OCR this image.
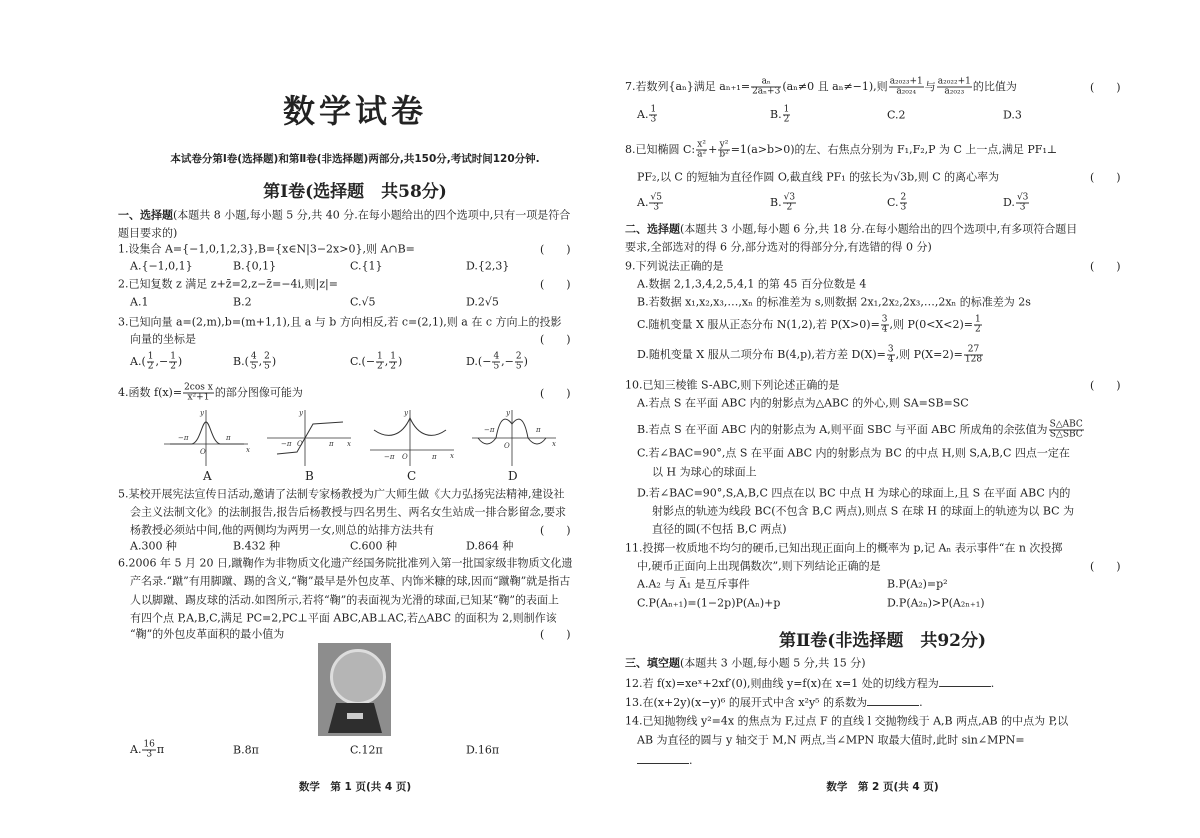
数学试卷
本试卷分第Ⅰ卷(选择题)和第Ⅱ卷(非选择题)两部分,共150分,考试时间120分钟.
第Ⅰ卷(选择题　共58分)
第Ⅱ卷(非选择题　共92分)
一、选择题(本题共 8 小题,每小题 5 分,共 40 分.在每小题给出的四个选项中,只有一项是符合
题目要求的)
1.设集合 A={−1,0,1,2,3},B={x∈N|3−2x>0},则 A∩B=	(　　)
A.{−1,0,1}	B.{0,1}	C.{1}	D.{2,3}
2.已知复数 z 满足 z+z̄=2,z−z̄=−4i,则|z|=	(　　)
A.1	B.2	C.√5	D.2√5
3.已知向量 a=(2,m),b=(m+1,1),且 a 与 b 方向相反,若 c=(2,1),则 a 在 c 方向上的投影
向量的坐标是	(　　)
$A.( \frac{1}{2}$ ,− $\frac{1}{2}$ )	$B.( \frac{4}{5}$ , $\frac{2}{5}$ )	$C.(- \frac{1}{2}$ , $\frac{1}{2}$ )	$D.(- \frac{4}{5}$ ,− $\frac{2}{5}$ )
4.函数 $f(x)= \frac{\text{2cos x}}{\text{x²+1}}$ 的部分图像可能为	(　　)
5.某校开展宪法宣传日活动,邀请了法制专家杨教授为广大师生做《大力弘扬宪法精神,建设社
会主义法制文化》的法制报告,报告后杨教授与四名男生、两名女生站成一排合影留念,要求
杨教授必须站中间,他的两侧均为两男一女,则总的站排方法共有	(　　)
A.300 种	B.432 种	C.600 种	D.864 种
6.2006 年 5 月 20 日,蹴鞠作为非物质文化遗产经国务院批准列入第一批国家级非物质文化遗
产名录.“蹴”有用脚蹴、踢的含义,“鞠”最早是外包皮革、内饰米糠的球,因而“蹴鞠”就是指古
人以脚蹴、踢皮球的活动.如图所示,若将“鞠”的表面视为光滑的球面,已知某“鞠”的表面上
有四个点 P,A,B,C,满足 PC=2,PC⊥平面 ABC,AB⊥AC,若△ABC 的面积为 2,则制作该
“鞠”的外包皮革面积的最小值为	(　　)
A. $\frac{16}{3}$ π	B.8π	C.12π	D.16π
7.若数列{aₙ}满足 $a_{n+1}= \frac{\text{aₙ}}{\text{2aₙ+3}} (a_n\ne 0$ 且 aₙ≠−1),则 $\frac{\text{a₂₀₂₃+1}}{\text{a₂₀₂₄}}$ 与 $\frac{\text{a₂₀₂₂+1}}{\text{a₂₀₂₃}}$ 的比值为	(　　)
A. $\frac{1}{3}$	B. $\frac{1}{2}$	C.2	D.3
8.已知椭圆 C: $\frac{\text{x²}}{\text{a²}} + \frac{\text{y²}}{\text{b²}} =1(a>b>0)$的左、右焦点分别为 F₁,F₂,P 为 C 上一点,满足 PF₁⊥
PF₂,以 C 的短轴为直径作圆 O,截直线 PF₁ 的弦长为√3b,则 C 的离心率为	(　　)
A. $\frac{√5}{3}$	B. $\frac{√3}{2}$	C. $\frac{2}{3}$	D. $\frac{√3}{3}$
二、选择题(本题共 3 小题,每小题 6 分,共 18 分.在每小题给出的四个选项中,有多项符合题目
要求,全部选对的得 6 分,部分选对的得部分分,有选错的得 0 分)
9.下列说法正确的是	(　　)
A.数据 2,1,3,4,2,5,4,1 的第 45 百分位数是 4
B.若数据 x₁,x₂,x₃,…,xₙ 的标准差为 s,则数据 2x₁,2x₂,2x₃,…,2xₙ 的标准差为 2s
C.随机变量 X 服从正态分布 N(1,2),若 $P(X>0)= \frac{3}{4}$ ,则 $P(0<X<2)= \frac{1}{2}$
D.随机变量 X 服从二项分布 B(4,p),若方差 $D(X)= \frac{3}{4}$ ,则 $P(X=2)= \frac{27}{128}$
10.已知三棱锥 S-ABC,则下列论述正确的是	(　　)
A.若点 S 在平面 ABC 内的射影点为△ABC 的外心,则 SA=SB=SC
B.若点 S 在平面 ABC 内的射影点为 A,则平面 SBC 与平面 ABC 所成角的余弦值为 $\frac{\text{S△ABC}}{\text{S△SBC}}$
C.若∠BAC=90°,点 S 在平面 ABC 内的射影点为 BC 的中点 H,则 S,A,B,C 四点一定在
以 H 为球心的球面上
D.若∠BAC=90°,S,A,B,C 四点在以 BC 中点 H 为球心的球面上,且 S 在平面 ABC 内的
射影点的轨迹为线段 BC(不包含 B,C 两点),则点 S 在球 H 的球面上的轨迹为以 BC 为
直径的圆(不包括 B,C 两点)
11.投掷一枚质地不均匀的硬币,已知出现正面向上的概率为 p,记 Aₙ 表示事件“在 n 次投掷
中,硬币正面向上出现偶数次”,则下列结论正确的是	(　　)
A.A₂ 与 A̅₁ 是互斥事件	B.P(A₂)=p²
C.P(Aₙ₊₁)=(1−2p)P(Aₙ)+p	D.P(A₂ₙ)>P(A₂ₙ₊₁)
三、填空题(本题共 3 小题,每小题 5 分,共 15 分)
12.若 f(x)=xeˣ+2xf′(0),则曲线 y=f(x)在 x=1 处的切线方程为	.
13.在(x+2y)(x−y)⁶ 的展开式中含 x²y⁵ 的系数为	.
14.已知抛物线 y²=4x 的焦点为 F,过点 F 的直线 l 交抛物线于 A,B 两点,AB 的中点为 P,以
AB 为直径的圆与 y 轴交于 M,N 两点,当∠MPN 取最大值时,此时 sin∠MPN=
.
x
y
O
−π	π
x
y
O
−π	π
x
y
O
−π	π
x
y
O
−π	π
A	B	C	D
数学　第 1 页(共 4 页)	数学　第 2 页(共 4 页)
